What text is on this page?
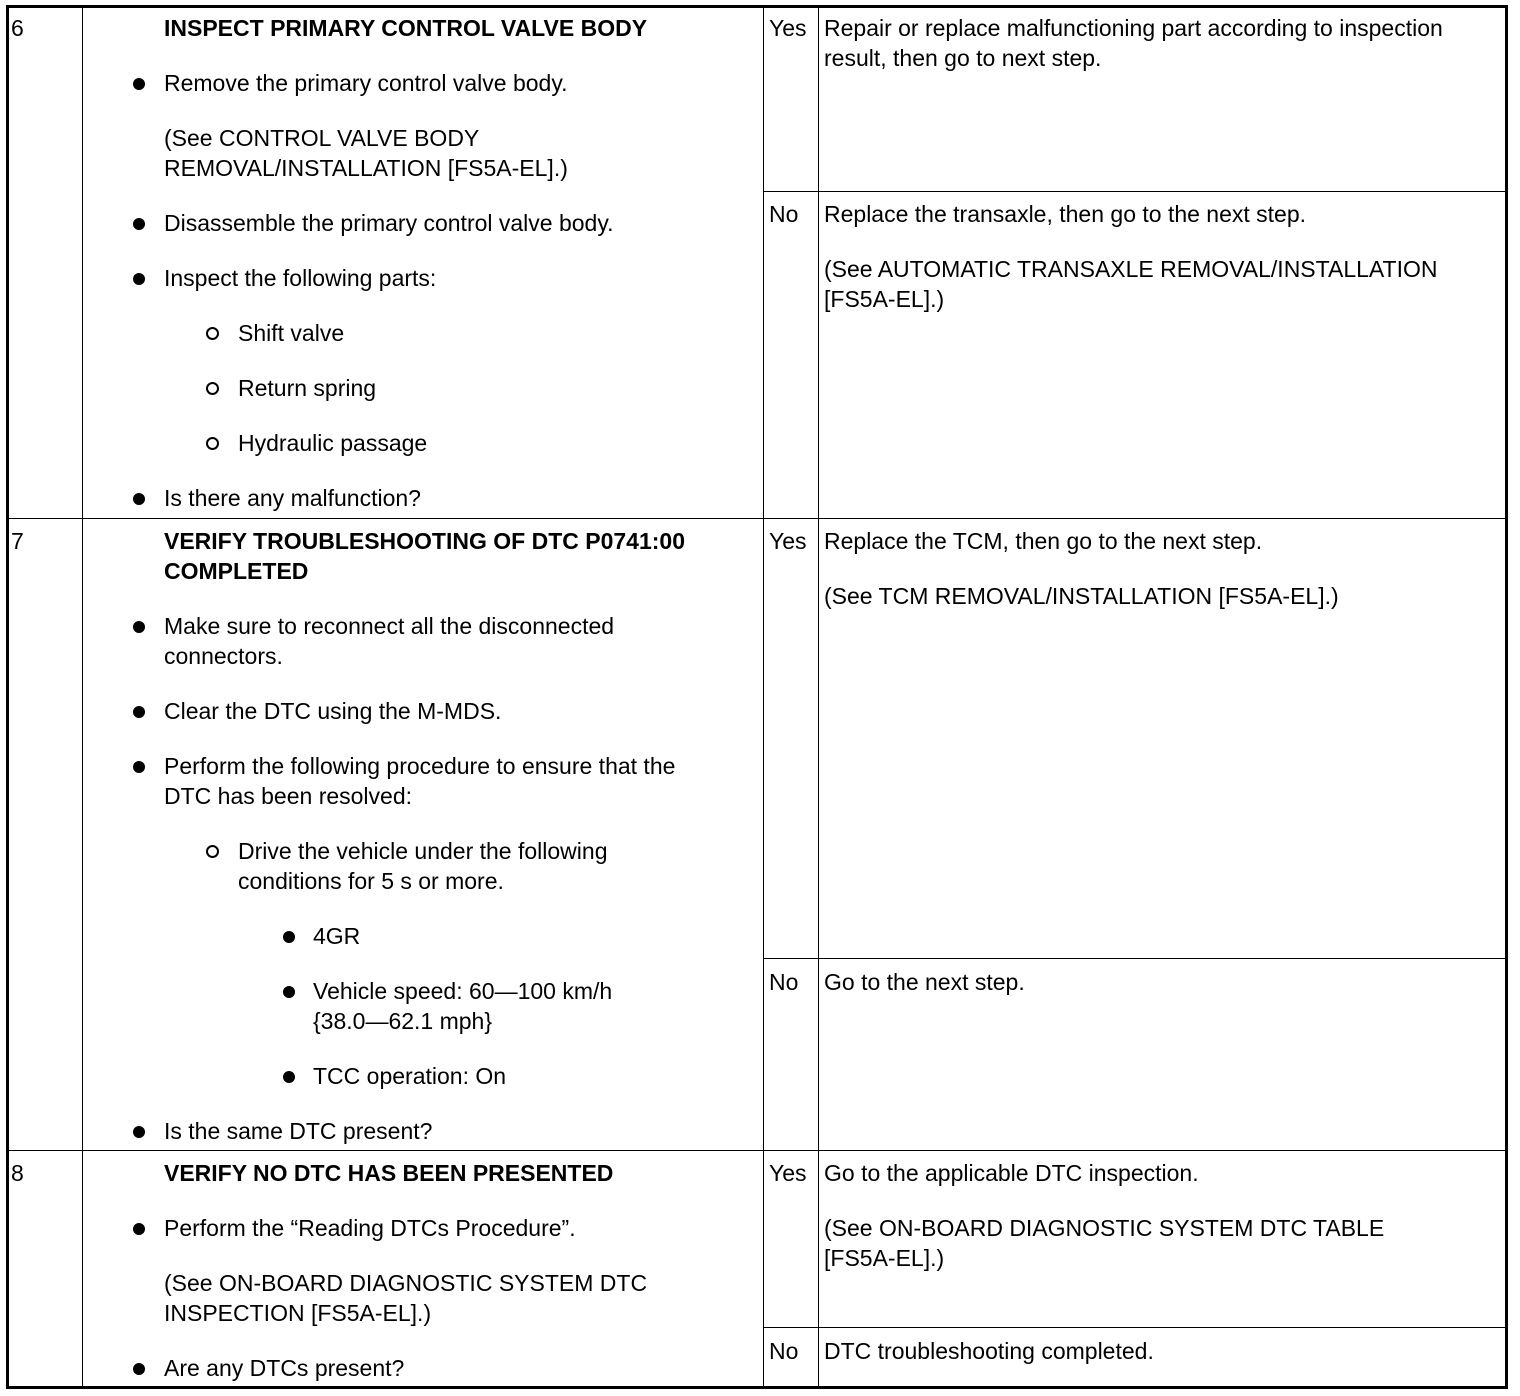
6	INSPECT PRIMARY CONTROL VALVE BODY
Remove the primary control valve body.
(See CONTROL VALVE BODY
REMOVAL/INSTALLATION [FS5A-EL].)
Disassemble the primary control valve body.
Inspect the following parts:
Shift valve
Return spring
Hydraulic passage
Is there any malfunction?
Yes Repair or replace malfunctioning part according to inspection
result, then go to next step.
No Replace the transaxle, then go to the next step.
(See AUTOMATIC TRANSAXLE REMOVAL/INSTALLATION
[FS5A-EL].)
7	VERIFY TROUBLESHOOTING OF DTC P0741:00
COMPLETED
Make sure to reconnect all the disconnected
connectors.
Clear the DTC using the M-MDS.
Perform the following procedure to ensure that the
DTC has been resolved:
Drive the vehicle under the following
conditions for 5 s or more.
4GR
Vehicle speed: 60—100 km/h
{38.0—62.1 mph}
TCC operation: On
Is the same DTC present?
Yes Replace the TCM, then go to the next step.
(See TCM REMOVAL/INSTALLATION [FS5A-EL].)
No Go to the next step.
8	VERIFY NO DTC HAS BEEN PRESENTED
Perform the “Reading DTCs Procedure”.
(See ON-BOARD DIAGNOSTIC SYSTEM DTC
INSPECTION [FS5A-EL].)
Are any DTCs present?
Yes Go to the applicable DTC inspection.
(See ON-BOARD DIAGNOSTIC SYSTEM DTC TABLE
[FS5A-EL].)
No DTC troubleshooting completed.
